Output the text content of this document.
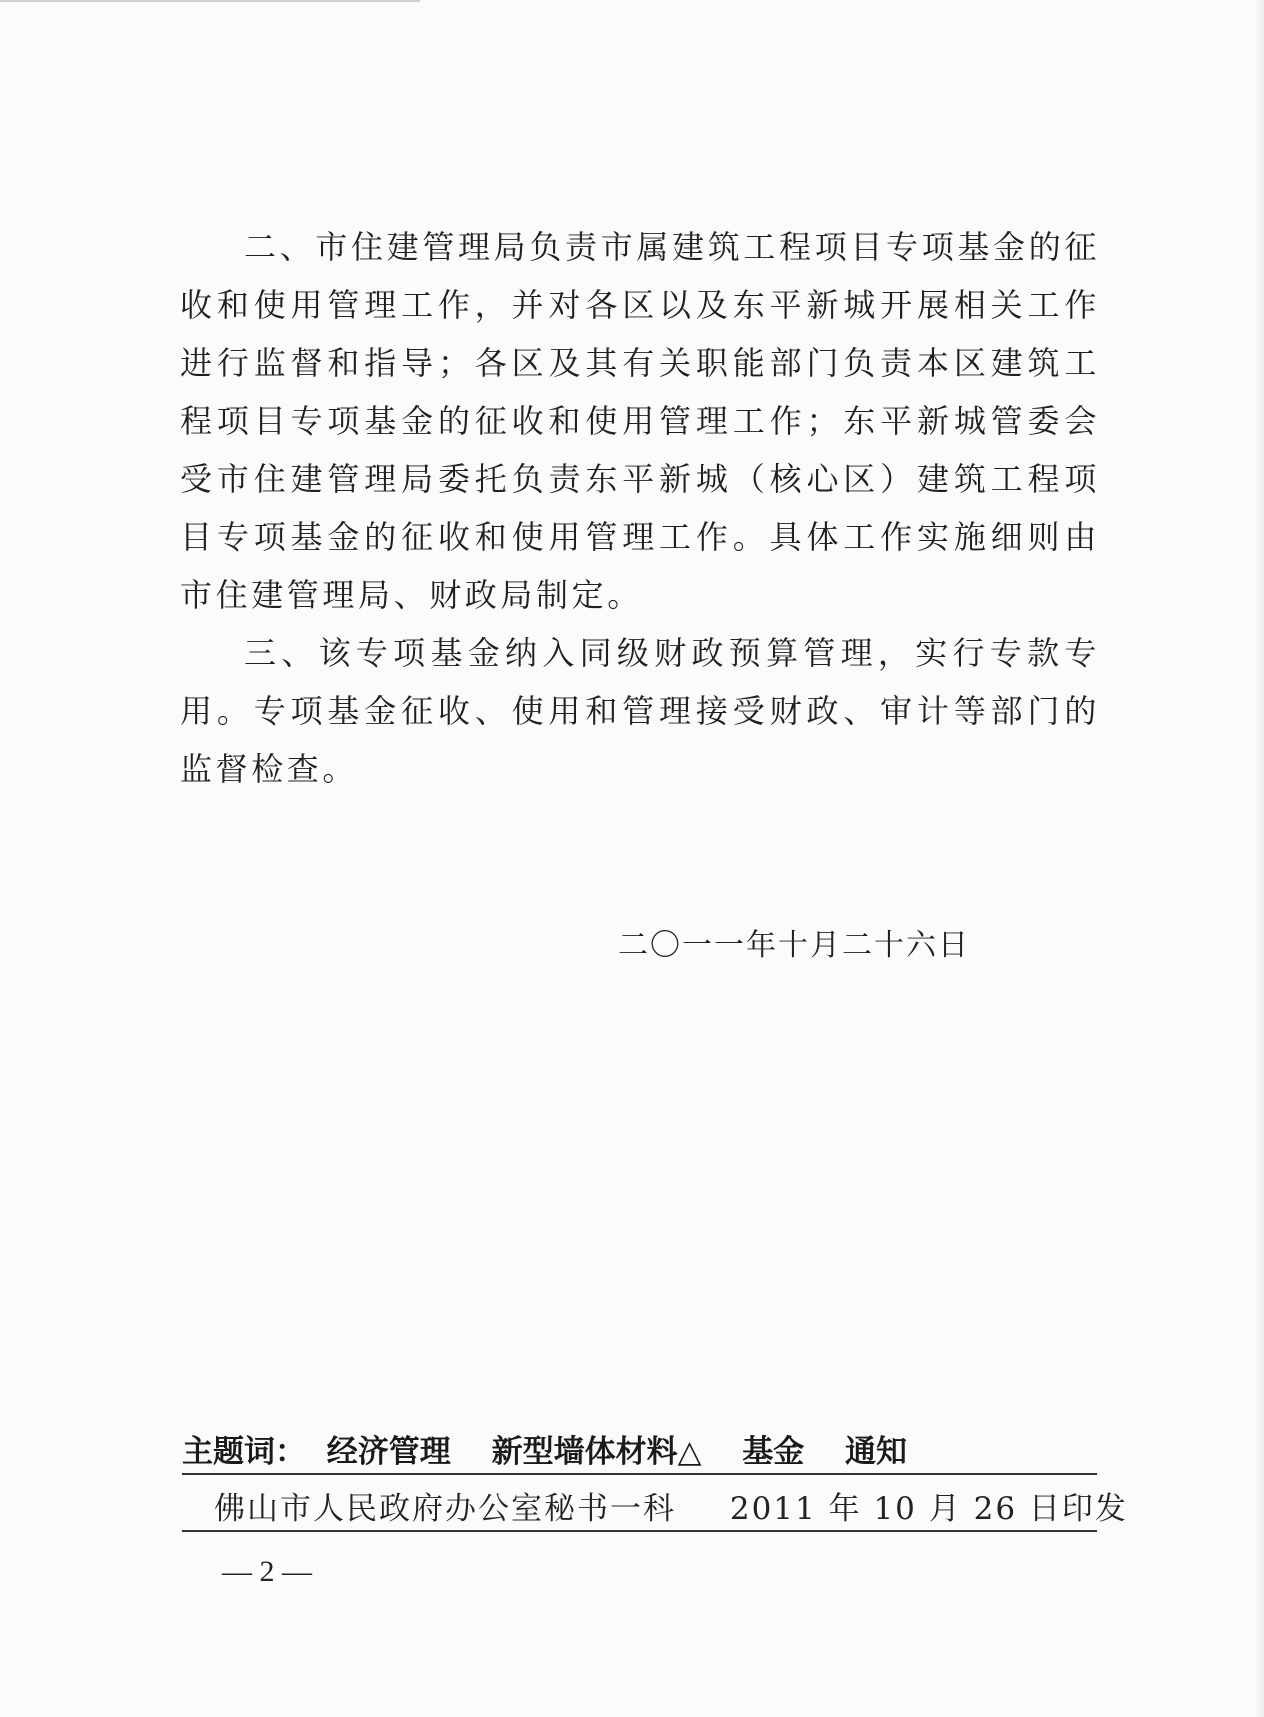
二、市住建管理局负责市属建筑工程项目专项基金的征收和使用管理工作，并对各区以及东平新城开展相关工作进行监督和指导；各区及其有关职能部门负责本区建筑工程项目专项基金的征收和使用管理工作；东平新城管委会受市住建管理局委托负责东平新城（核心区）建筑工程项目专项基金的征收和使用管理工作。具体工作实施细则由市住建管理局、财政局制定。

三、该专项基金纳入同级财政预算管理，实行专款专用。专项基金征收、使用和管理接受财政、审计等部门的监督检查。

二〇一一年十月二十六日
主题词： 经济管理 新型墙体材料△ 基金 通知
佛山市人民政府办公室秘书一科 2011 年 10 月 26 日印发
— 2 —
